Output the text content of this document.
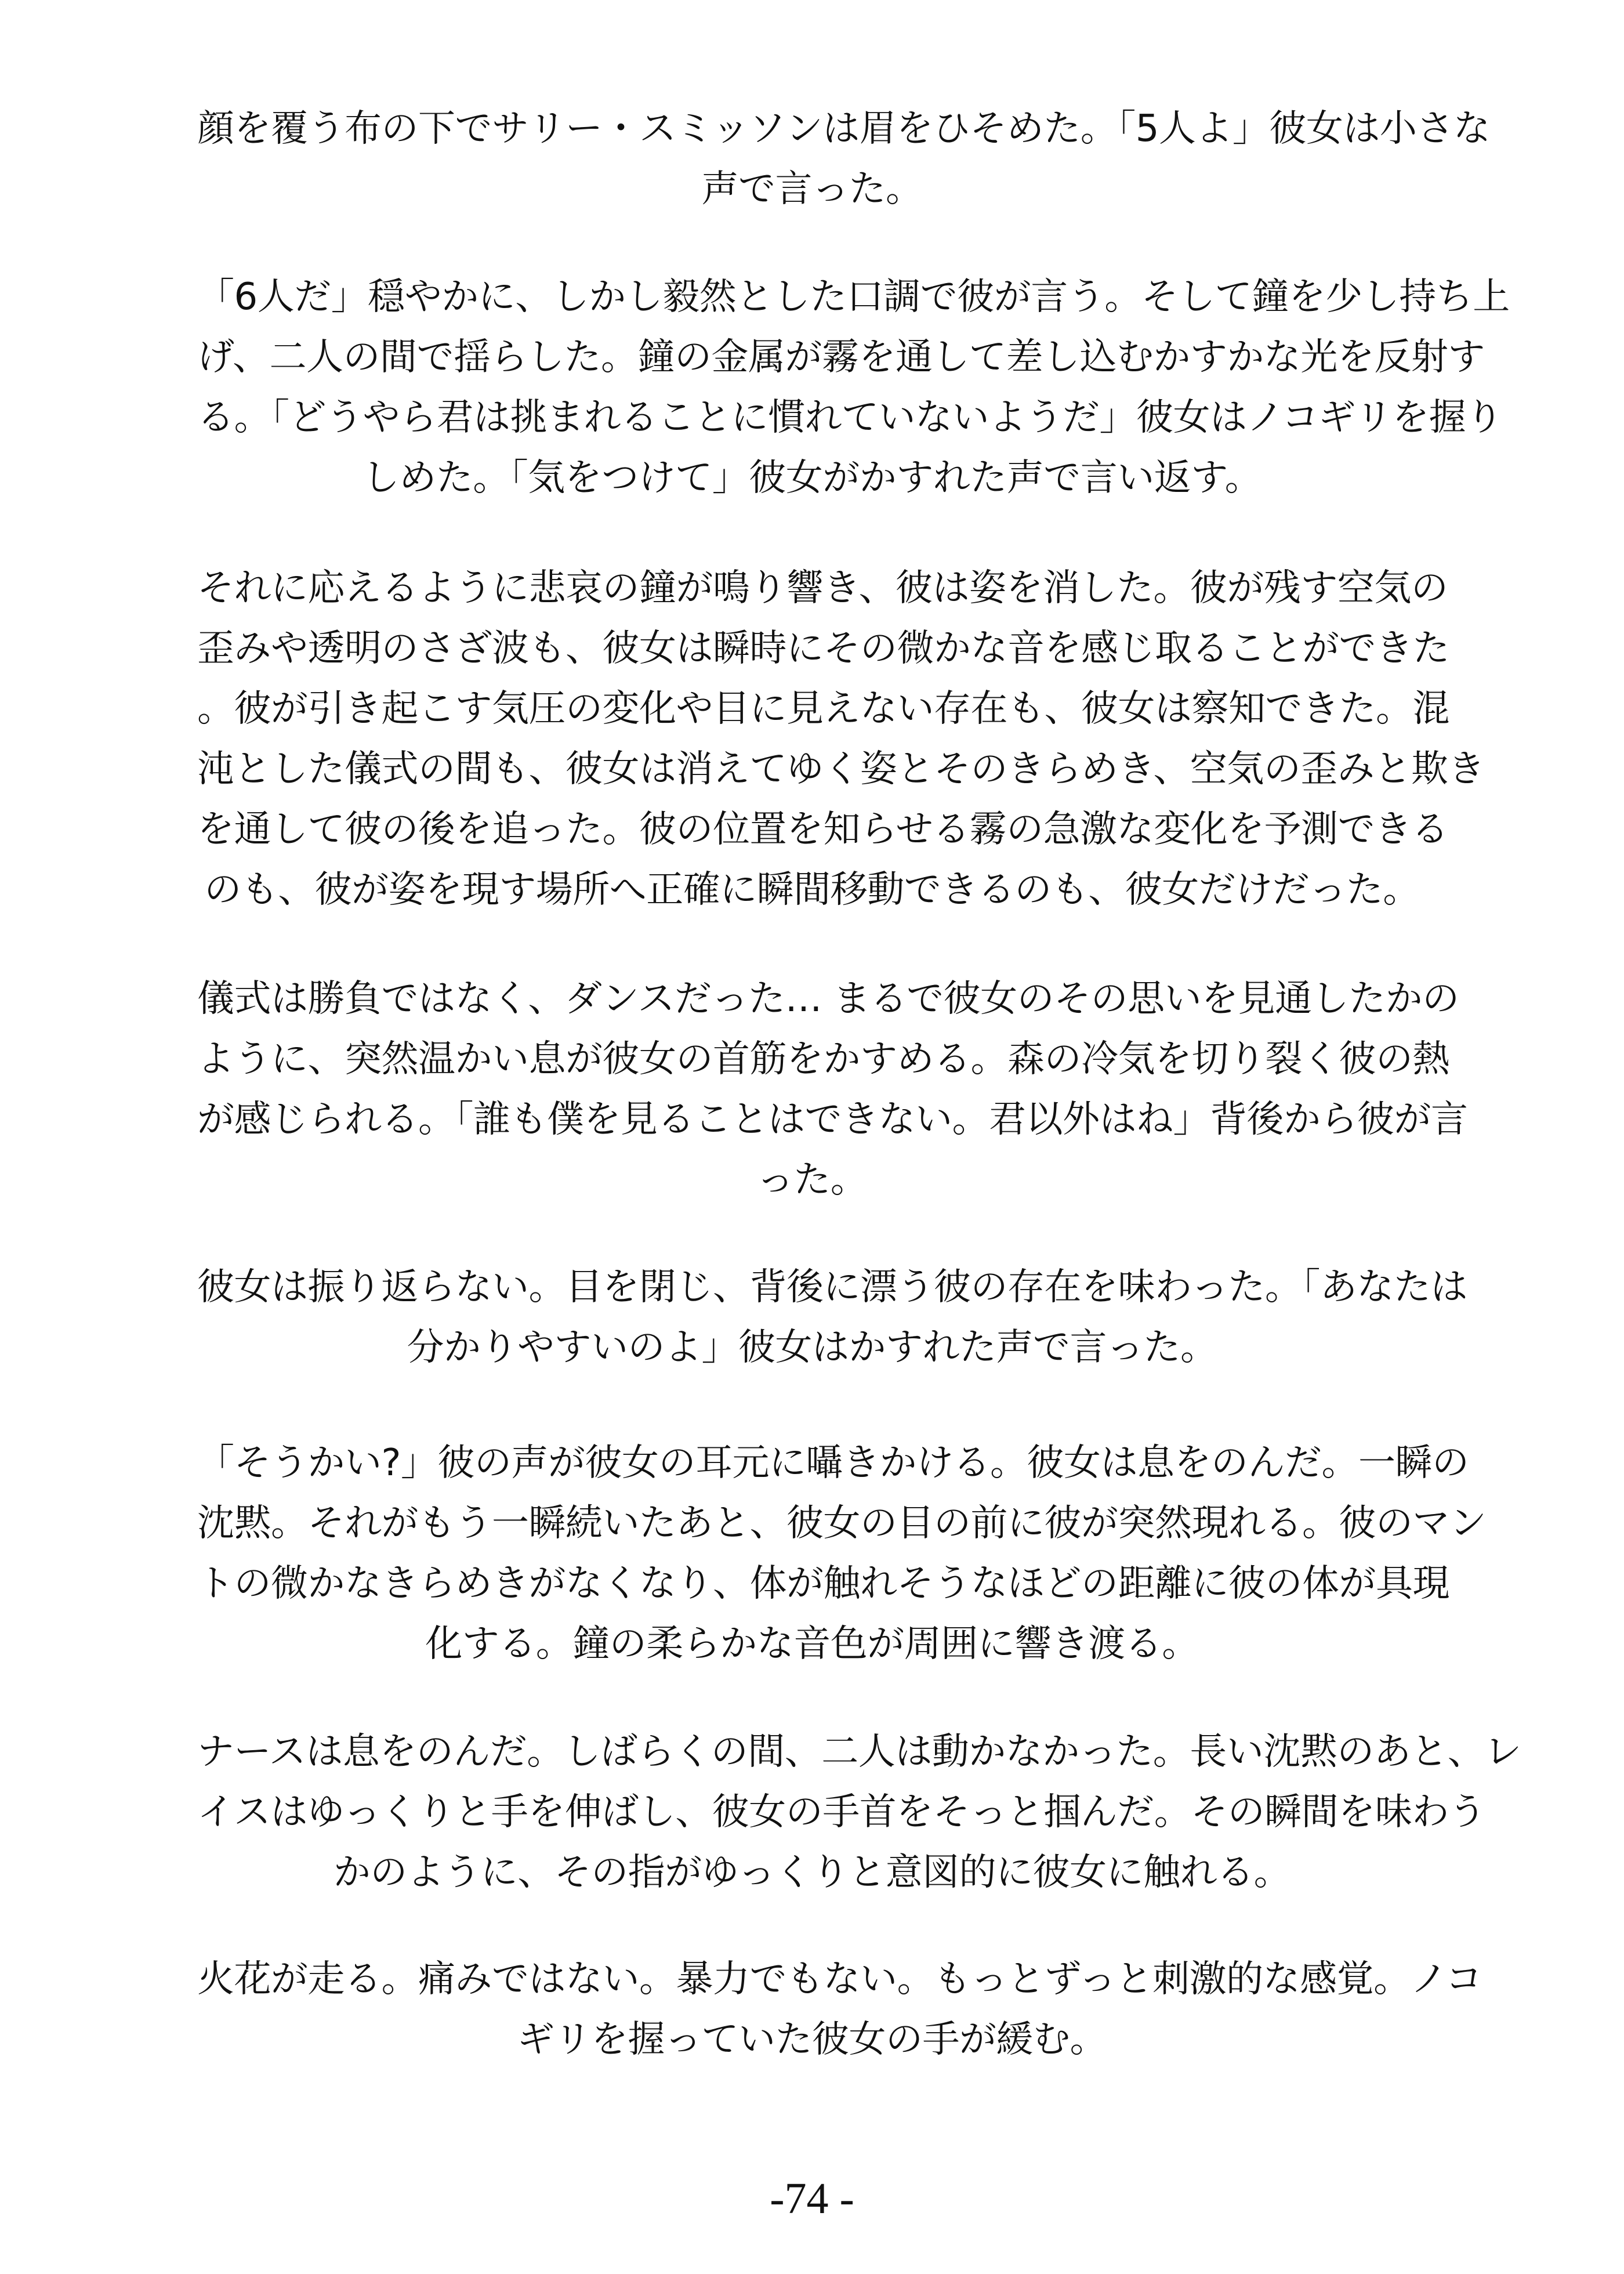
顔を覆う布の下でサリー・スミッソンは眉をひそめた。「5人よ」彼女は小さな
声で言った。
「6人だ」穏やかに、しかし毅然とした口調で彼が言う。そして鐘を少し持ち上
げ、二人の間で揺らした。鐘の金属が霧を通して差し込むかすかな光を反射す
る。「どうやら君は挑まれることに慣れていないようだ」彼女はノコギリを握り
しめた。「気をつけて」彼女がかすれた声で言い返す。
それに応えるように悲哀の鐘が鳴り響き、彼は姿を消した。彼が残す空気の
歪みや透明のさざ波も、彼女は瞬時にその微かな音を感じ取ることができた
。彼が引き起こす気圧の変化や目に見えない存在も、彼女は察知できた。混
沌とした儀式の間も、彼女は消えてゆく姿とそのきらめき、空気の歪みと欺き
を通して彼の後を追った。彼の位置を知らせる霧の急激な変化を予測できる
のも、彼が姿を現す場所へ正確に瞬間移動できるのも、彼女だけだった。
儀式は勝負ではなく、ダンスだった… まるで彼女のその思いを見通したかの
ように、突然温かい息が彼女の首筋をかすめる。森の冷気を切り裂く彼の熱
が感じられる。「誰も僕を見ることはできない。君以外はね」背後から彼が言
った。
彼女は振り返らない。目を閉じ、背後に漂う彼の存在を味わった。「あなたは
分かりやすいのよ」彼女はかすれた声で言った。
「そうかい?」彼の声が彼女の耳元に囁きかける。彼女は息をのんだ。一瞬の
沈黙。それがもう一瞬続いたあと、彼女の目の前に彼が突然現れる。彼のマン
トの微かなきらめきがなくなり、体が触れそうなほどの距離に彼の体が具現
化する。鐘の柔らかな音色が周囲に響き渡る。
ナースは息をのんだ。しばらくの間、二人は動かなかった。長い沈黙のあと、レ
イスはゆっくりと手を伸ばし、彼女の手首をそっと掴んだ。その瞬間を味わう
かのように、その指がゆっくりと意図的に彼女に触れる。
火花が走る。痛みではない。暴力でもない。もっとずっと刺激的な感覚。ノコ
ギリを握っていた彼女の手が緩む。
-74 -
